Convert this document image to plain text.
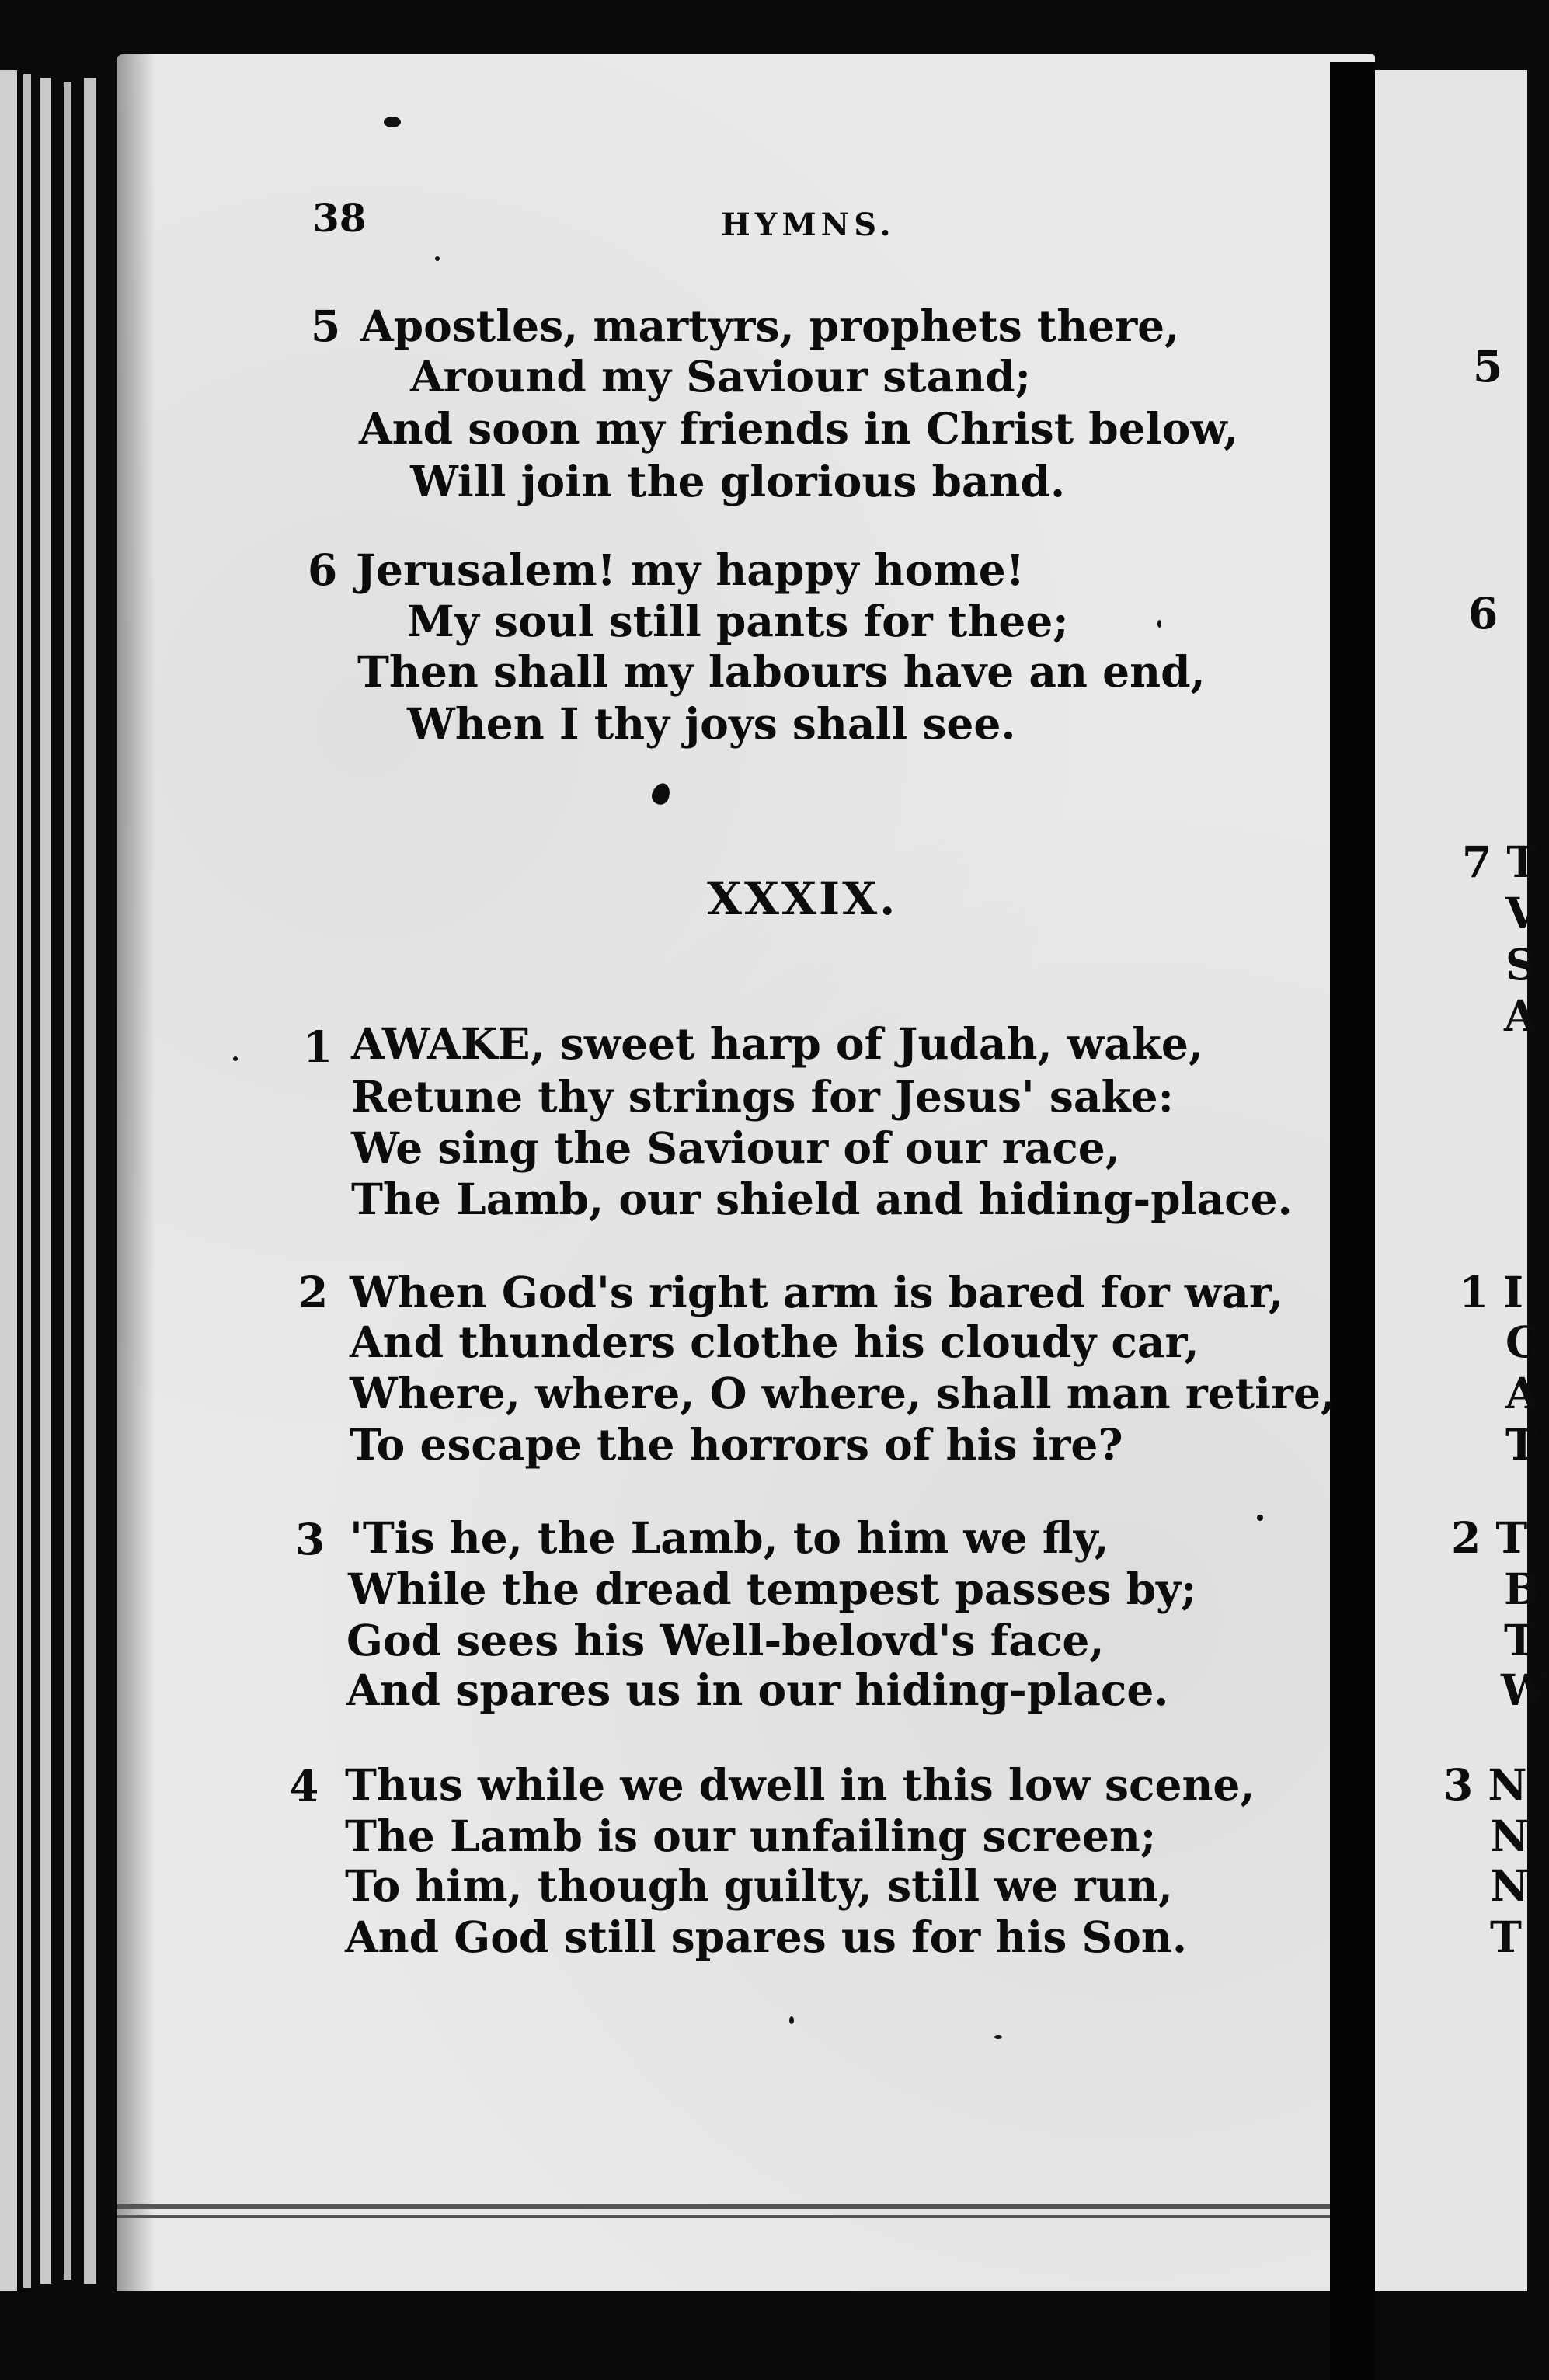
38	HYMNS.
5 Apostles, martyrs, prophets there,
Around my Saviour stand;
And soon my friends in Christ below,
Will join the glorious band.
6 Jerusalem! my happy home!
My soul still pants for thee;
Then shall my labours have an end,
When I thy joys shall see.
XXXIX.
1 AWAKE, sweet harp of Judah, wake,
Retune thy strings for Jesus' sake:
We sing the Saviour of our race,
The Lamb, our shield and hiding-place.
2 When God's right arm is bared for war,
And thunders clothe his cloudy car,
Where, where, O where, shall man retire,
To escape the horrors of his ire?
3 'Tis he, the Lamb, to him we fly,
While the dread tempest passes by;
God sees his Well-belovd's face,
And spares us in our hiding-place.
4 Thus while we dwell in this low scene,
The Lamb is our unfailing screen;
To him, though guilty, still we run,
And God still spares us for his Son.
5
6
7 T
V
S
A
1 I
C
A
T
2 T
B
T
W
3 N
N
N
T
